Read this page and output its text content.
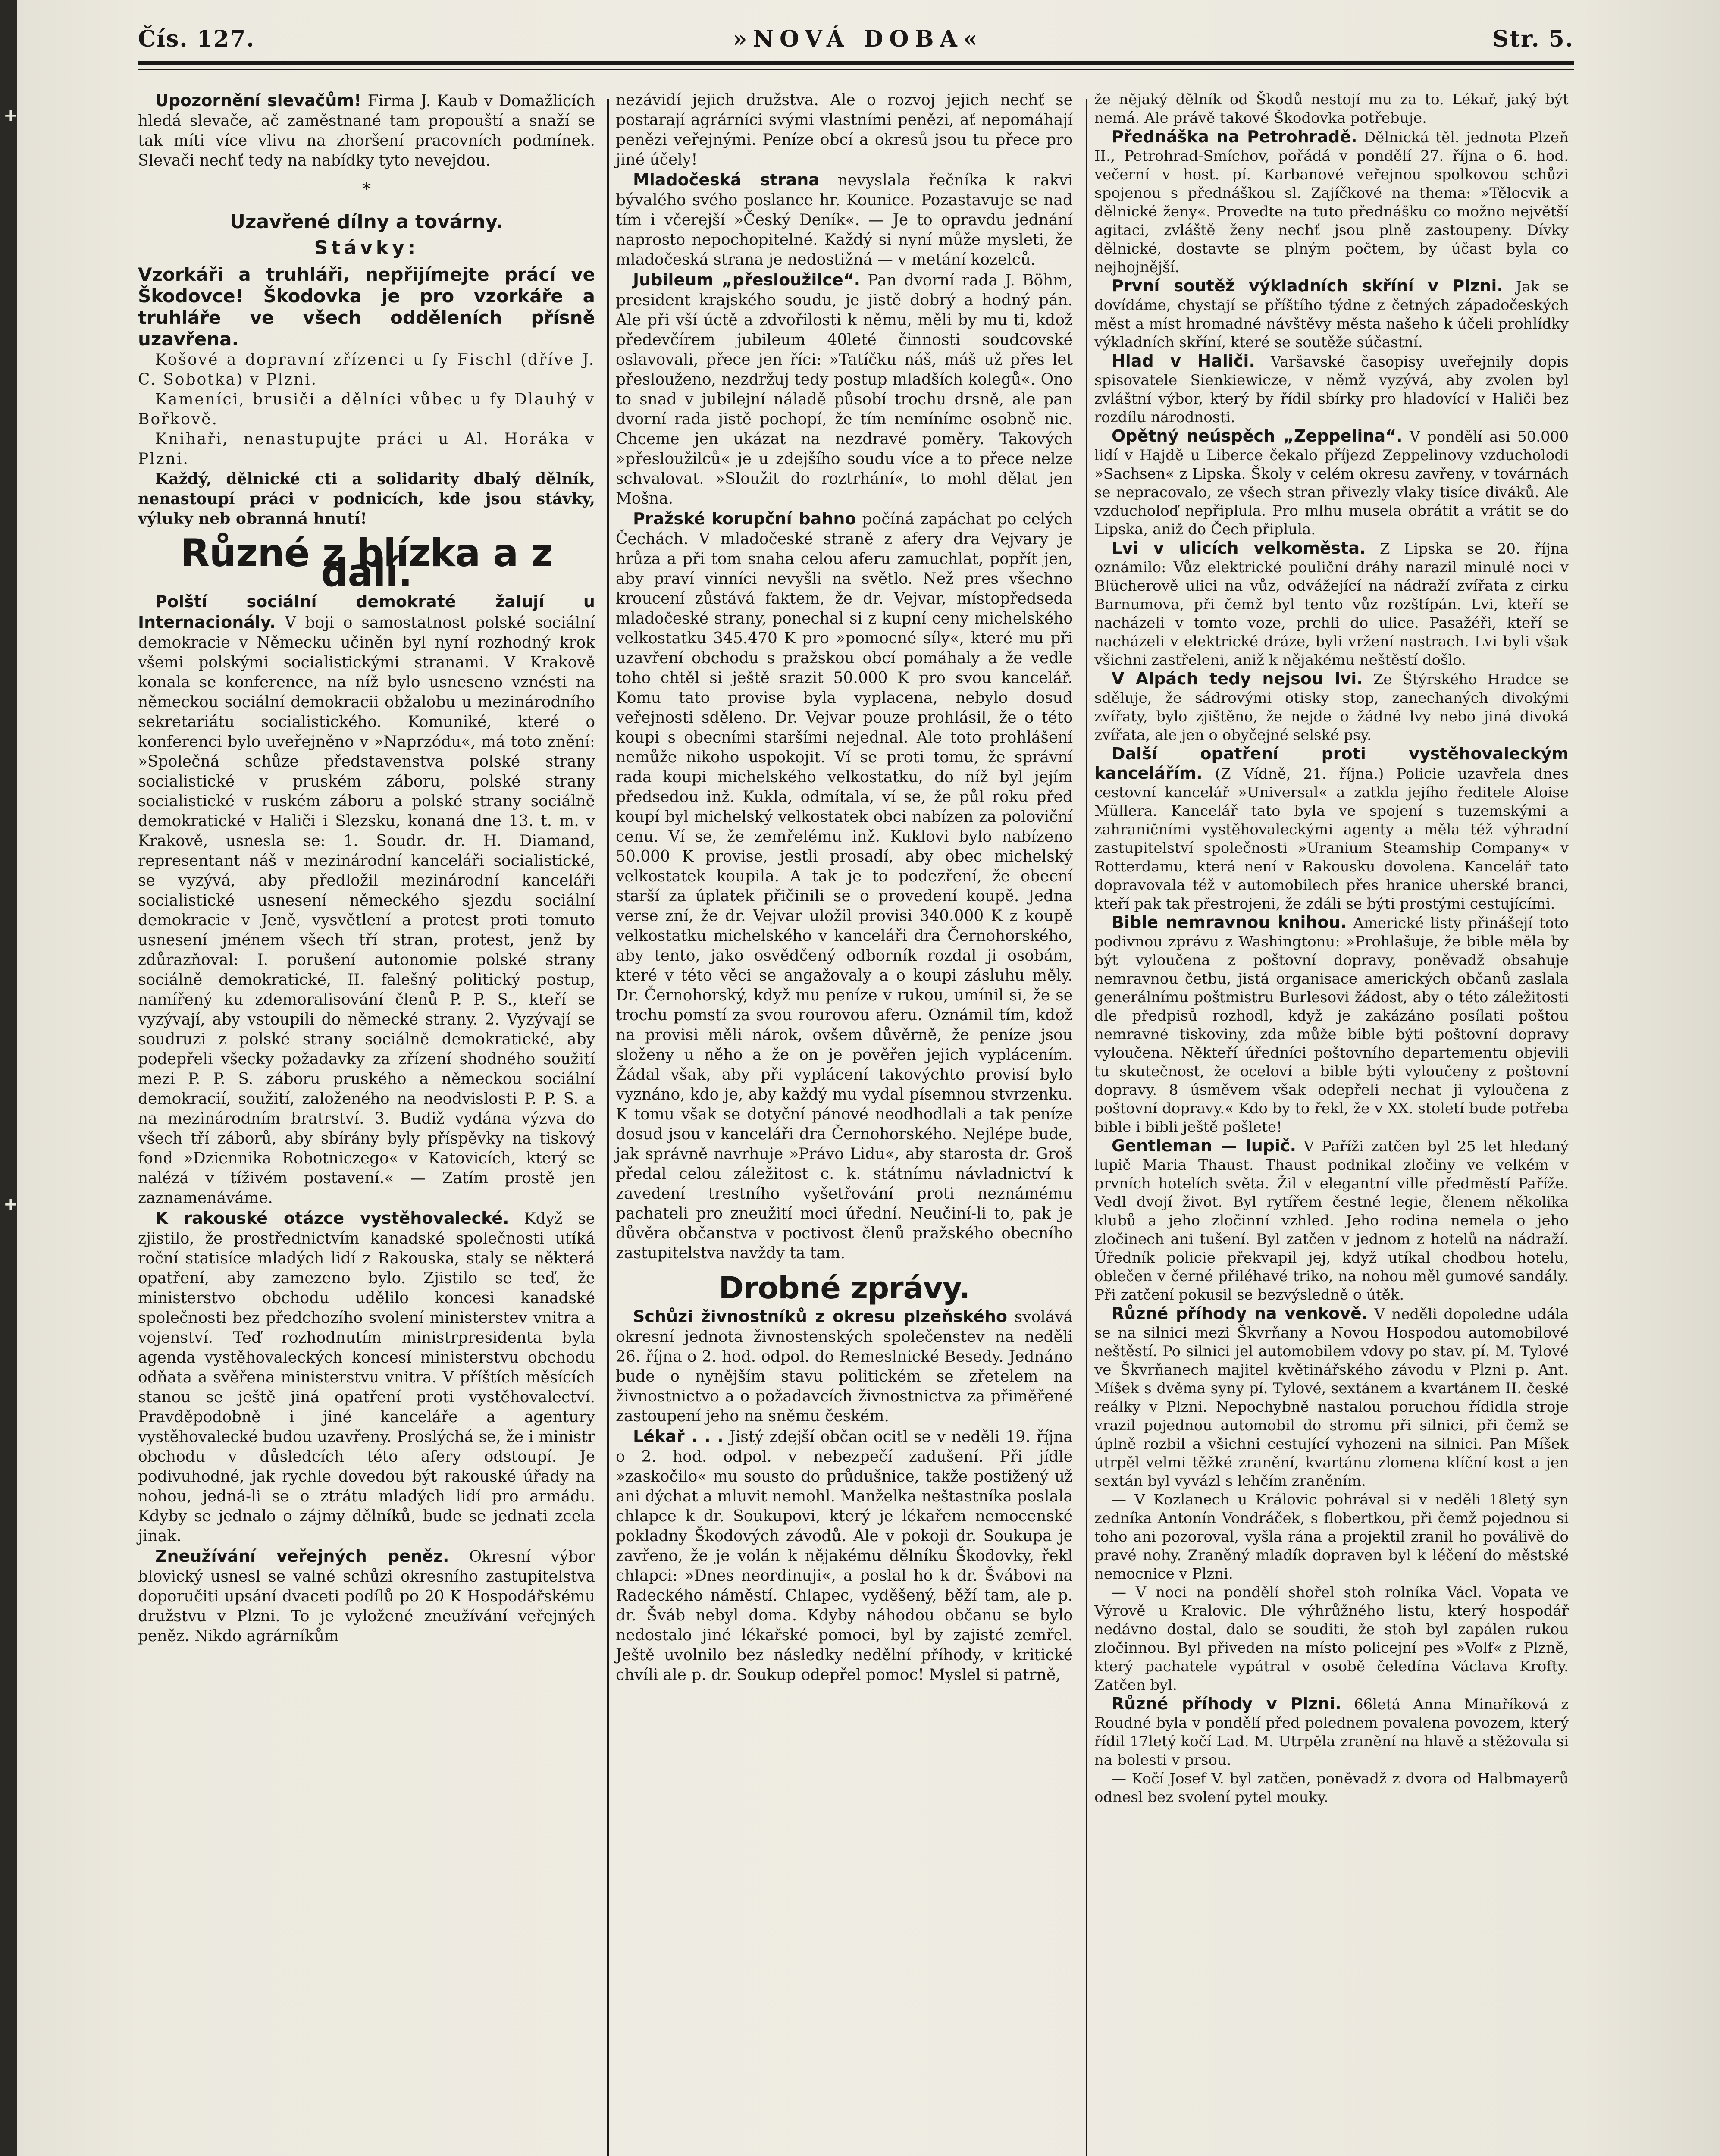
+
+
Čís. 127.	»NOVÁ DOBA«	Str. 5.

Upozornění slevačům! Firma J. Kaub v Domažlicích hledá slevače, ač zaměstnané tam propouští a snaží se tak míti více vlivu na zhoršení pracovních podmínek. Slevači nechť tedy na nabídky tyto nevejdou.

*
Uzavřené dílny a továrny.
Stávky:

Vzorkáři a truhláři, nepřijímejte prácí ve Škodovce! Škodovka je pro vzorkáře a truhláře ve všech odděleních přísně uzavřena.

Košové a dopravní zřízenci u fy Fischl (dříve J. C. Sobotka) v Plzni.

Kameníci, brusiči a dělníci vůbec u fy Dlauhý v Bořkově.

Knihaři, nenastupujte práci u Al. Horáka v Plzni.

Každý, dělnické cti a solidarity dbalý dělník, nenastoupí práci v podnicích, kde jsou stávky, výluky neb obranná hnutí!

Různé z blízka a z dalí.

Polští sociální demokraté žalují u Internacionály. V boji o samostatnost polské sociální demokracie v Německu učiněn byl nyní rozhodný krok všemi polskými socialistickými stranami. V Krakově konala se konference, na níž bylo usneseno vznésti na německou sociální demokracii obžalobu u mezinárodního sekretariátu socialistického. Komuniké, které o konferenci bylo uveřejněno v »Naprzódu«, má toto znění: »Společná schůze představenstva polské strany socialistické v pruském záboru, polské strany socialistické v ruském záboru a polské strany sociálně demokratické v Haliči i Slezsku, konaná dne 13. t. m. v Krakově, usnesla se: 1. Soudr. dr. H. Diamand, representant náš v mezinárodní kanceláři socialistické, se vyzývá, aby předložil mezinárodní kanceláři socialistické usnesení německého sjezdu sociální demokracie v Jeně, vysvětlení a protest proti tomuto usnesení jménem všech tří stran, protest, jenž by zdůrazňoval: I. porušení autonomie polské strany sociálně demokratické, II. falešný politický postup, namířený ku zdemoralisování členů P. P. S., kteří se vyzývají, aby vstoupili do německé strany. 2. Vyzývají se soudruzi z polské strany sociálně demokratické, aby podepřeli všecky požadavky za zřízení shodného soužití mezi P. P. S. záboru pruského a německou sociální demokracií, soužití, založeného na neodvislosti P. P. S. a na mezinárodním bratrství. 3. Budiž vydána výzva do všech tří záborů, aby sbírány byly příspěvky na tiskový fond »Dziennika Robotniczego« v Katovicích, který se nalézá v tíživém postavení.« — Zatím prostě jen zaznamenáváme.

K rakouské otázce vystěhovalecké. Když se zjistilo, že prostřednictvím kanadské společnosti utíká roční statisíce mladých lidí z Rakouska, staly se některá opatření, aby zamezeno bylo. Zjistilo se teď, že ministerstvo obchodu udělilo koncesi kanadské společnosti bez předchozího svolení ministerstev vnitra a vojenství. Teď rozhodnutím ministrpresidenta byla agenda vystěhovaleckých koncesí ministerstvu obchodu odňata a svěřena ministerstvu vnitra. V příštích měsících stanou se ještě jiná opatření proti vystěhovalectví. Pravděpodobně i jiné kanceláře a agentury vystěhovalecké budou uzavřeny. Proslýchá se, že i ministr obchodu v důsledcích této afery odstoupí. Je podivuhodné, jak rychle dovedou být rakouské úřady na nohou, jedná-li se o ztrátu mladých lidí pro armádu. Kdyby se jednalo o zájmy dělníků, bude se jednati zcela jinak.

Zneužívání veřejných peněz. Okresní výbor blovický usnesl se valné schůzi okresního zastupitelstva doporučiti upsání dvaceti podílů po 20 K Hospodářskému družstvu v Plzni. To je vyložené zneužívání veřejných peněz. Nikdo agrárníkům

nezávidí jejich družstva. Ale o rozvoj jejich nechť se postarají agrárníci svými vlastními penězi, ať nepomáhají penězi veřejnými. Peníze obcí a okresů jsou tu přece pro jiné účely!

Mladočeská strana nevyslala řečníka k rakvi bývalého svého poslance hr. Kounice. Pozastavuje se nad tím i včerejší »Český Deník«. — Je to opravdu jednání naprosto nepochopitelné. Každý si nyní může mysleti, že mladočeská strana je nedostižná — v metání kozelců.

Jubileum „přesloužilce“. Pan dvorní rada J. Böhm, president krajského soudu, je jistě dobrý a hodný pán. Ale při vší úctě a zdvořilosti k němu, měli by mu ti, kdož předevčírem jubileum 40leté činnosti soudcovské oslavovali, přece jen říci: »Tatíčku náš, máš už přes let přeslouženo, nezdržuj tedy postup mladších kolegů«. Ono to snad v jubilejní náladě působí trochu drsně, ale pan dvorní rada jistě pochopí, že tím nemíníme osobně nic. Chceme jen ukázat na nezdravé poměry. Takových »přesloužilců« je u zdejšího soudu více a to přece nelze schvalovat. »Sloužit do roztrhání«, to mohl dělat jen Mošna.

Pražské korupční bahno počíná zapáchat po celých Čechách. V mladočeské straně z afery dra Vejvary je hrůza a při tom snaha celou aferu zamuchlat, popřít jen, aby praví vinníci nevyšli na světlo. Než pres všechno kroucení zůstává faktem, že dr. Vejvar, místopředseda mladočeské strany, ponechal si z kupní ceny michelského velkostatku 345.470 K pro »pomocné síly«, které mu při uzavření obchodu s pražskou obcí pomáhaly a že vedle toho chtěl si ještě srazit 50.000 K pro svou kancelář. Komu tato provise byla vyplacena, nebylo dosud veřejnosti sděleno. Dr. Vejvar pouze prohlásil, že o této koupi s obecními staršími nejednal. Ale toto prohlášení nemůže nikoho uspokojit. Ví se proti tomu, že správní rada koupi michelského velkostatku, do níž byl jejím předsedou inž. Kukla, odmítala, ví se, že půl roku před koupí byl michelský velkostatek obci nabízen za poloviční cenu. Ví se, že zemřelému inž. Kuklovi bylo nabízeno 50.000 K provise, jestli prosadí, aby obec michelský velkostatek koupila. A tak je to podezření, že obecní starší za úplatek přičinili se o provedení koupě. Jedna verse zní, že dr. Vejvar uložil provisi 340.000 K z koupě velkostatku michelského v kanceláři dra Černohorského, aby tento, jako osvědčený odborník rozdal ji osobám, které v této věci se angažovaly a o koupi zásluhu měly. Dr. Černohorský, když mu peníze v rukou, umínil si, že se trochu pomstí za svou rourovou aferu. Oznámil tím, kdož na provisi měli nárok, ovšem důvěrně, že peníze jsou složeny u něho a že on je pověřen jejich vyplácením. Žádal však, aby při vyplácení takovýchto provisí bylo vyznáno, kdo je, aby každý mu vydal písemnou stvrzenku. K tomu však se dotyční pánové neodhodlali a tak peníze dosud jsou v kanceláři dra Černohorského. Nejlépe bude, jak správně navrhuje »Právo Lidu«, aby starosta dr. Groš předal celou záležitost c. k. státnímu návladnictví k zavedení trestního vyšetřování proti neznámému pachateli pro zneužití moci úřední. Neučiní-li to, pak je důvěra občanstva v poctivost členů pražského obecního zastupitelstva navždy ta tam.

Drobné zprávy.

Schůzi živnostníků z okresu plzeňského svolává okresní jednota živnostenských společenstev na neděli 26. října o 2. hod. odpol. do Remeslnické Besedy. Jednáno bude o nynějším stavu politickém se zřetelem na živnostnictvo a o požadavcích živnostnictva za přiměřené zastoupení jeho na sněmu českém.

Lékař . . . Jistý zdejší občan ocitl se v neděli 19. října o 2. hod. odpol. v nebezpečí zadušení. Při jídle »zaskočilo« mu sousto do průdušnice, takže postižený už ani dýchat a mluvit nemohl. Manželka neštastníka poslala chlapce k dr. Soukupovi, který je lékařem nemocenské pokladny Škodových závodů. Ale v pokoji dr. Soukupa je zavřeno, že je volán k nějakému dělníku Škodovky, řekl chlapci: »Dnes neordinuji«, a poslal ho k dr. Švábovi na Radeckého náměstí. Chlapec, vyděšený, běží tam, ale p. dr. Šváb nebyl doma. Kdyby náhodou občanu se bylo nedostalo jiné lékařské pomoci, byl by zajisté zemřel. Ještě uvolnilo bez následky nedělní příhody, v kritické chvíli ale p. dr. Soukup odepřel pomoc! Myslel si patrně,

že nějaký dělník od Škodů nestojí mu za to. Lékař, jaký být nemá. Ale právě takové Škodovka potřebuje.

Přednáška na Petrohradě. Dělnická těl. jednota Plzeň II., Petrohrad-Smíchov, pořádá v pondělí 27. října o 6. hod. večerní v host. pí. Karbanové veřejnou spolkovou schůzi spojenou s přednáškou sl. Zajíčkové na thema: »Tělocvik a dělnické ženy«. Provedte na tuto přednášku co možno největší agitaci, zvláště ženy nechť jsou plně zastoupeny. Dívky dělnické, dostavte se plným počtem, by účast byla co nejhojnější.

První soutěž výkladních skříní v Plzni. Jak se dovídáme, chystají se příštího týdne z četných západočeských měst a míst hromadné návštěvy města našeho k účeli prohlídky výkladních skříní, které se soutěže súčastní.

Hlad v Haliči. Varšavské časopisy uveřejnily dopis spisovatele Sienkiewicze, v němž vyzývá, aby zvolen byl zvláštní výbor, který by řídil sbírky pro hladovící v Haliči bez rozdílu národnosti.

Opětný neúspěch „Zeppelina“. V pondělí asi 50.000 lidí v Hajdě u Liberce čekalo příjezd Zeppelinovy vzducholodi »Sachsen« z Lipska. Školy v celém okresu zavřeny, v továrnách se nepracovalo, ze všech stran přivezly vlaky tisíce diváků. Ale vzducholoď nepřiplula. Pro mlhu musela obrátit a vrátit se do Lipska, aniž do Čech připlula.

Lvi v ulicích velkoměsta. Z Lipska se 20. října oznámilo: Vůz elektrické pouliční dráhy narazil minulé noci v Blücherově ulici na vůz, odvážející na nádraží zvířata z cirku Barnumova, při čemž byl tento vůz rozštípán. Lvi, kteří se nacházeli v tomto voze, prchli do ulice. Pasažéři, kteří se nacházeli v elektrické dráze, byli vržení nastrach. Lvi byli však všichni zastřeleni, aniž k nějakému neštěstí došlo.

V Alpách tedy nejsou lvi. Ze Štýrského Hradce se sděluje, že sádrovými otisky stop, zanechaných divokými zvířaty, bylo zjištěno, že nejde o žádné lvy nebo jiná divoká zvířata, ale jen o obyčejné selské psy.

Další opatření proti vystěhovaleckým kancelářím. (Z Vídně, 21. října.) Policie uzavřela dnes cestovní kancelář »Universal« a zatkla jejího ředitele Aloise Müllera. Kancelář tato byla ve spojení s tuzemskými a zahraničními vystěhovaleckými agenty a měla též výhradní zastupitelství společnosti »Uranium Steamship Company« v Rotterdamu, která není v Rakousku dovolena. Kancelář tato dopravovala též v automobilech přes hranice uherské branci, kteří pak tak přestrojeni, že zdáli se býti prostými cestujícími.

Bible nemravnou knihou. Americké listy přinášejí toto podivnou zprávu z Washingtonu: »Prohlašuje, že bible měla by být vyloučena z poštovní dopravy, poněvadž obsahuje nemravnou četbu, jistá organisace amerických občanů zaslala generálnímu poštmistru Burlesovi žádost, aby o této záležitosti dle předpisů rozhodl, když je zakázáno posílati poštou nemravné tiskoviny, zda může bible býti poštovní dopravy vyloučena. Někteří úředníci poštovního departementu objevili tu skutečnost, že oceloví a bible býti vyloučeny z poštovní dopravy. 8 úsměvem však odepřeli nechat ji vyloučena z poštovní dopravy.« Kdo by to řekl, že v XX. století bude potřeba bible i bibli ještě pošlete!

Gentleman — lupič. V Paříži zatčen byl 25 let hledaný lupič Maria Thaust. Thaust podnikal zločiny ve velkém v prvních hotelích světa. Žil v elegantní ville předměstí Paříže. Vedl dvojí život. Byl rytířem čestné legie, členem několika klubů a jeho zločinní vzhled. Jeho rodina nemela o jeho zločinech ani tušení. Byl zatčen v jednom z hotelů na nádraží. Úředník policie překvapil jej, když utíkal chodbou hotelu, oblečen v černé přiléhavé triko, na nohou měl gumové sandály. Při zatčení pokusil se bezvýsledně o útěk.

Různé příhody na venkově. V neděli dopoledne udála se na silnici mezi Škvrňany a Novou Hospodou automobilové neštěstí. Po silnici jel automobilem vdovy po stav. pí. M. Tylové ve Škvrňanech majitel květinářského závodu v Plzni p. Ant. Míšek s dvěma syny pí. Tylové, sextánem a kvartánem II. české reálky v Plzni. Nepochybně nastalou poruchou řídidla stroje vrazil pojednou automobil do stromu při silnici, při čemž se úplně rozbil a všichni cestující vyhozeni na silnici. Pan Míšek utrpěl velmi těžké zranění, kvartánu zlomena klíční kost a jen sextán byl vyvázl s lehčím zraněním.

— V Kozlanech u Královic pohrával si v neděli 18letý syn zedníka Antonín Vondráček, s flobertkou, při čemž pojednou si toho ani pozoroval, vyšla rána a projektil zranil ho poválivě do pravé nohy. Zraněný mladík dopraven byl k léčení do městské nemocnice v Plzni.

— V noci na pondělí shořel stoh rolníka Václ. Vopata ve Výrově u Kralovic. Dle výhrůžného listu, který hospodář nedávno dostal, dalo se souditi, že stoh byl zapálen rukou zločinnou. Byl přiveden na místo policejní pes »Volf« z Plzně, který pachatele vypátral v osobě čeledína Václava Krofty. Zatčen byl.

Různé příhody v Plzni. 66letá Anna Minaříková z Roudné byla v pondělí před polednem povalena povozem, který řídil 17letý kočí Lad. M. Utrpěla zranění na hlavě a stěžovala si na bolesti v prsou.

— Kočí Josef V. byl zatčen, poněvadž z dvora od Halbmayerů odnesl bez svolení pytel mouky.
